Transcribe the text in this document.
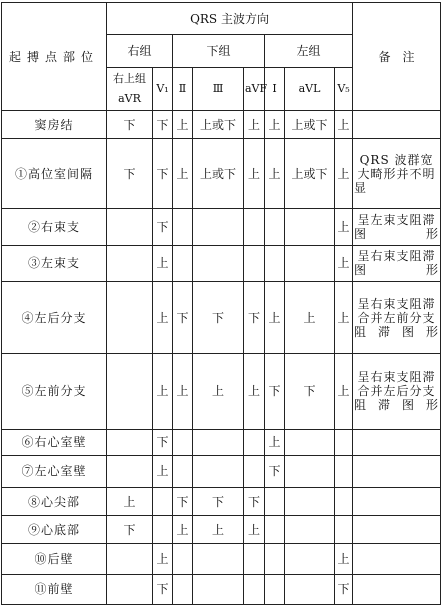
起搏点部位	QRS 主波方向								备　注
	右组		下组			左组			

	右上组
aVR	V₁	Ⅱ	Ⅲ	aVF	Ⅰ	aVL	V₅	
窦房结	下	下	上	上或下	上	上	上或下	上	
①高位室间隔	下	下	上	上或下	上	上	上或下	上	QRS 波群宽大畸形并不明显
②右束支		下						上	呈左束支阻滞图形
③左束支		上						上	呈右束支阻滞图形
④左后分支		上	下	下	下	上	上	上	呈右束支阻滞合并左前分支阻滞图形
⑤左前分支		上	上	上	上	下	下	上	呈右束支阻滞合并左后分支阻滞图形
⑥右心室壁		下				上			
⑦左心室壁		上				下			
⑧心尖部	上		下	下	下				
⑨心底部	下		上	上	上				
⑩后壁		上						上	
⑪前壁		下						下	
